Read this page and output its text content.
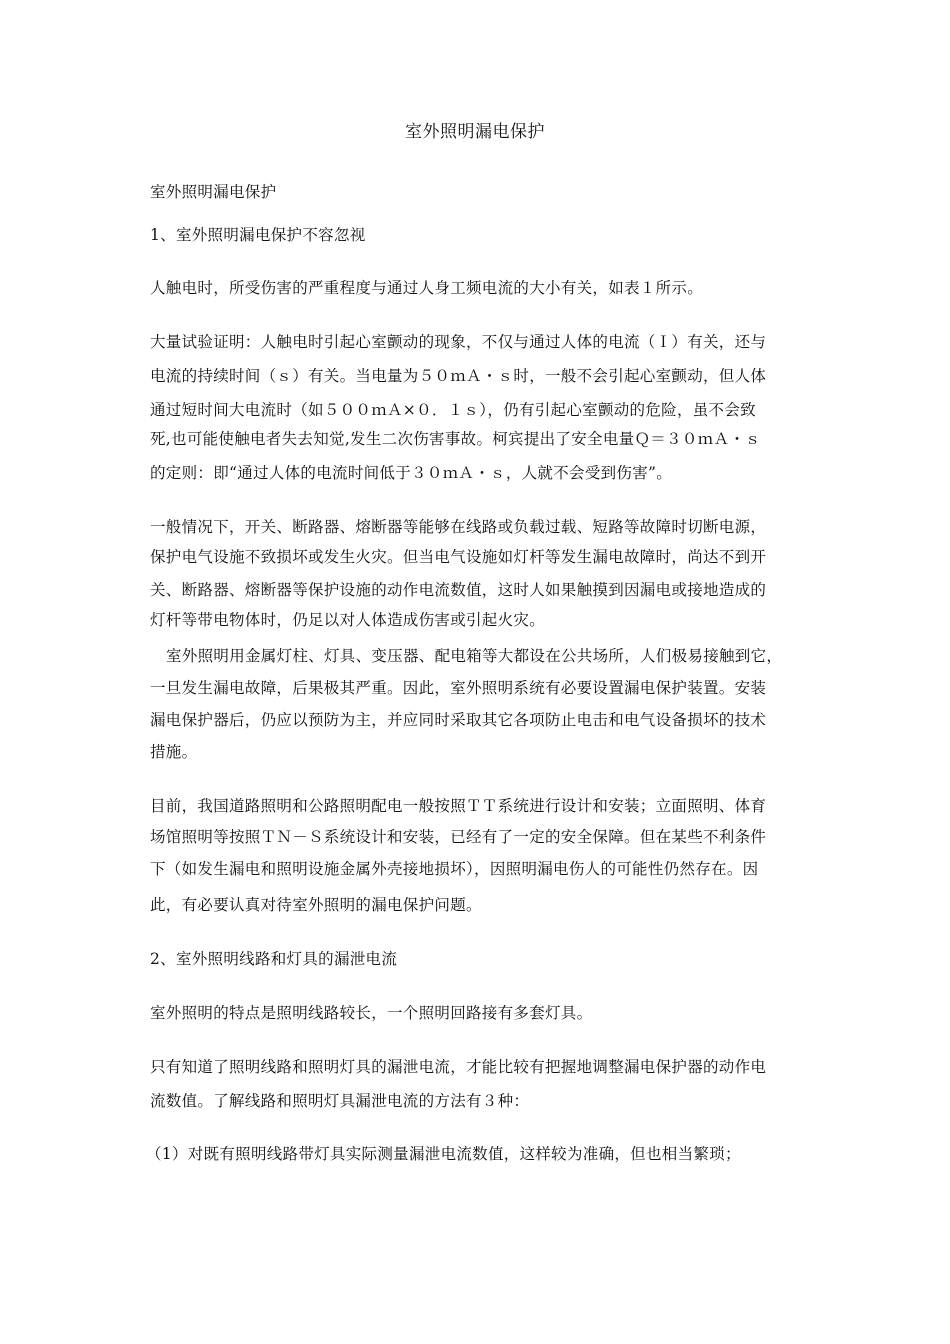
室外照明漏电保护
室外照明漏电保护
1、室外照明漏电保护不容忽视
人触电时，所受伤害的严重程度与通过人身工频电流的大小有关，如表１所示。
大量试验证明：人触电时引起心室颤动的现象，不仅与通过人体的电流（Ｉ）有关，还与
电流的持续时间（ｓ）有关。当电量为５０ｍＡ・ｓ时，一般不会引起心室颤动，但人体
通过短时间大电流时（如５００ｍＡ×０．１ｓ），仍有引起心室颤动的危险，虽不会致
死,也可能使触电者失去知觉,发生二次伤害事故。柯宾提出了安全电量Ｑ＝３０ｍＡ・ｓ
的定则：即“通过人体的电流时间低于３０ｍＡ・ｓ，人就不会受到伤害”。
一般情况下，开关、断路器、熔断器等能够在线路或负载过载、短路等故障时切断电源，
保护电气设施不致损坏或发生火灾。但当电气设施如灯杆等发生漏电故障时，尚达不到开
关、断路器、熔断器等保护设施的动作电流数值，这时人如果触摸到因漏电或接地造成的
灯杆等带电物体时，仍足以对人体造成伤害或引起火灾。
室外照明用金属灯柱、灯具、变压器、配电箱等大都设在公共场所，人们极易接触到它，
一旦发生漏电故障，后果极其严重。因此，室外照明系统有必要设置漏电保护装置。安装
漏电保护器后，仍应以预防为主，并应同时采取其它各项防止电击和电气设备损坏的技术
措施。
目前，我国道路照明和公路照明配电一般按照ＴＴ系统进行设计和安装；立面照明、体育
场馆照明等按照ＴＮ－Ｓ系统设计和安装，已经有了一定的安全保障。但在某些不利条件
下（如发生漏电和照明设施金属外壳接地损坏），因照明漏电伤人的可能性仍然存在。因
此，有必要认真对待室外照明的漏电保护问题。
2、室外照明线路和灯具的漏泄电流
室外照明的特点是照明线路较长，一个照明回路接有多套灯具。
只有知道了照明线路和照明灯具的漏泄电流，才能比较有把握地调整漏电保护器的动作电
流数值。了解线路和照明灯具漏泄电流的方法有３种：
（1）对既有照明线路带灯具实际测量漏泄电流数值，这样较为准确，但也相当繁琐；
